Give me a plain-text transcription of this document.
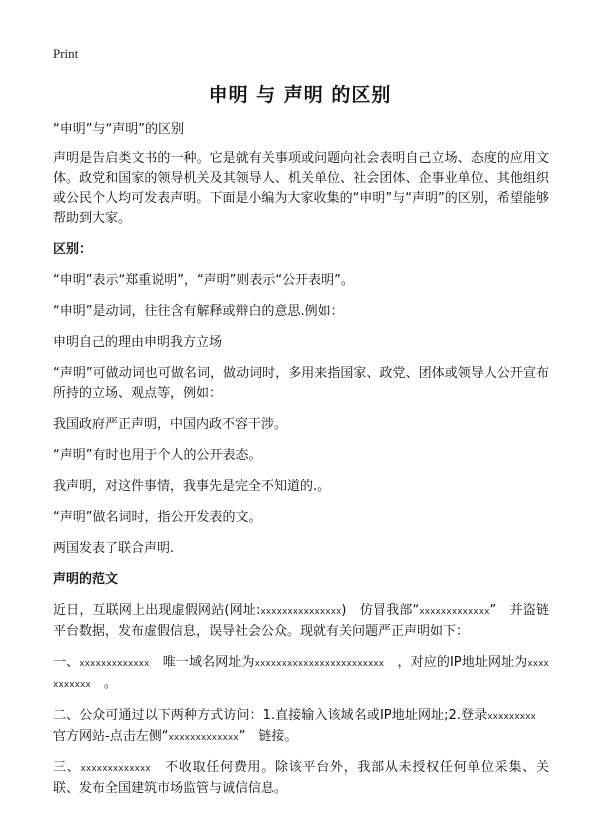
Print
申明 与 声明 的区别

“申明”与“声明”的区别

声明是告启类文书的一种。它是就有关事项或问题向社会表明自己立场、态度的应用文体。政党和国家的领导机关及其领导人、机关单位、社会团体、企事业单位、其他组织或公民个人均可发表声明。下面是小编为大家收集的“申明”与“声明”的区别，希望能够帮助到大家。

区别：

“申明”表示“郑重说明”，“声明”则表示“公开表明”。

“申明”是动词，往往含有解释或辩白的意思.例如：

申明自己的理由申明我方立场

“声明”可做动词也可做名词，做动词时，多用来指国家、政党、团体或领导人公开宣布所持的立场、观点等，例如：

我国政府严正声明，中国内政不容干涉。

“声明”有时也用于个人的公开表态。

我声明，对这件事情，我事先是完全不知道的.。

“声明”做名词时，指公开发表的文。

两国发表了联合声明.

声明的范文

近日，互联网上出现虚假网站(网址:xxxxxxxxxxxxxxx)　仿冒我部“xxxxxxxxxxxxx”　并盗链平台数据，发布虚假信息，误导社会公众。现就有关问题严正声明如下：

一、xxxxxxxxxxxxx　唯一域名网址为xxxxxxxxxxxxxxxxxxxxxxxx　，对应的IP地址网址为xxxxxxxxxxx　。

二、公众可通过以下两种方式访问：1.直接输入该域名或IP地址网址;2.登录xxxxxxxxx　官方网站-点击左侧“xxxxxxxxxxxxx”　链接。

三、xxxxxxxxxxxxx　不收取任何费用。除该平台外，我部从未授权任何单位采集、关联、发布全国建筑市场监管与诚信信息。
